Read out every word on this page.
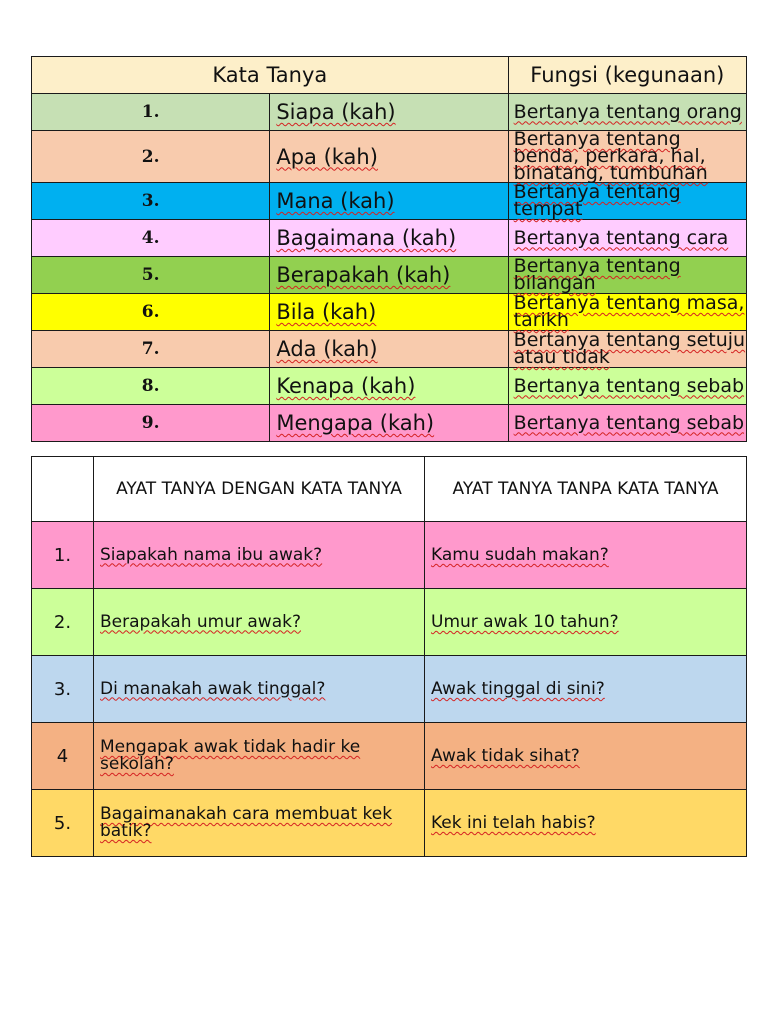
Kata Tanya		Fungsi (kegunaan)
1.	Siapa (kah)	Bertanya tentang orang
2.	Apa (kah)	Bertanya tentang benda, perkara, hal, binatang, tumbuhan
3.	Mana (kah)	Bertanya tentang tempat
4.	Bagaimana (kah)	Bertanya tentang cara
5.	Berapakah (kah)	Bertanya tentang bilangan
6.	Bila (kah)	Bertanya tentang masa, tarikh
7.	Ada (kah)	Bertanya tentang setuju atau tidak
8.	Kenapa (kah)	Bertanya tentang sebab
9.	Mengapa (kah)	Bertanya tentang sebab
	AYAT TANYA DENGAN KATA TANYA	AYAT TANYA TANPA KATA TANYA
1.	Siapakah nama ibu awak?	Kamu sudah makan?
2.	Berapakah umur awak?	Umur awak 10 tahun?
3.	Di manakah awak tinggal?	Awak tinggal di sini?
4	Mengapak awak tidak hadir ke sekolah?	Awak tidak sihat?
5.	Bagaimanakah cara membuat kek batik?	Kek ini telah habis?
